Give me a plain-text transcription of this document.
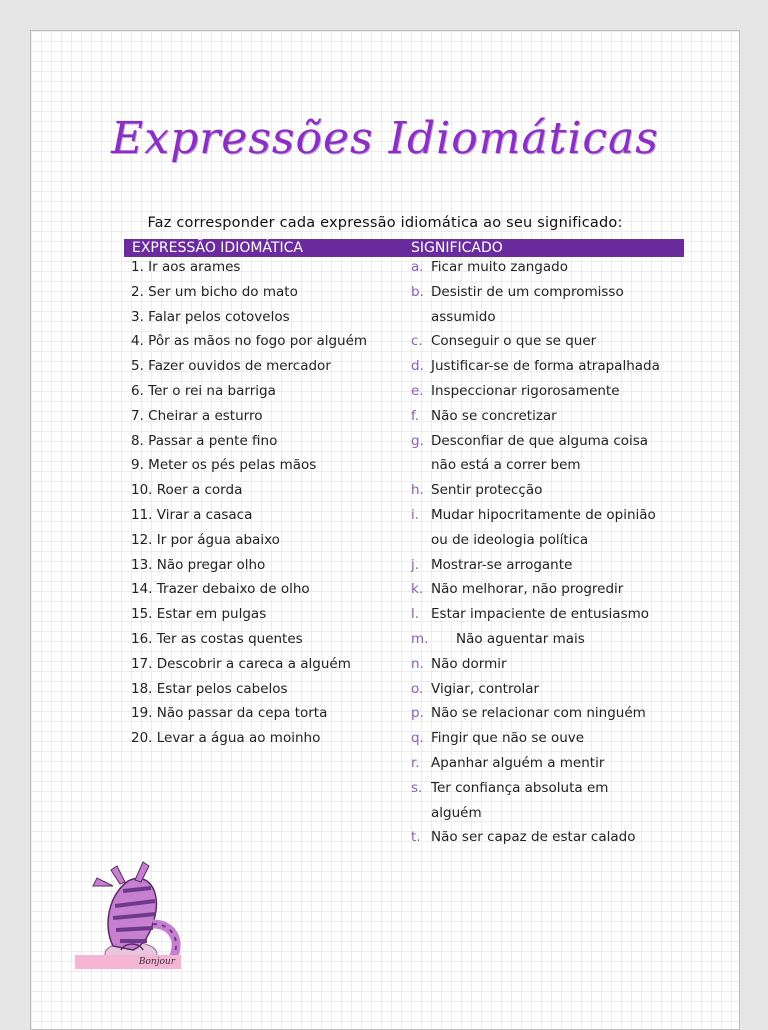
Expressões Idiomáticas
Faz corresponder cada expressão idiomática ao seu significado:
EXPRESSÃO IDIOMÁTICA	SIGNIFICADO
1. Ir aos arames
2. Ser um bicho do mato
3. Falar pelos cotovelos
4. Pôr as mãos no fogo por alguém
5. Fazer ouvidos de mercador
6. Ter o rei na barriga
7. Cheirar a esturro
8. Passar a pente fino
9. Meter os pés pelas mãos
10. Roer a corda
11. Virar a casaca
12. Ir por água abaixo
13. Não pregar olho
14. Trazer debaixo de olho
15. Estar em pulgas
16. Ter as costas quentes
17. Descobrir a careca a alguém
18. Estar pelos cabelos
19. Não passar da cepa torta
20. Levar a água ao moinho
a. Ficar muito zangado
b. Desistir de um compromisso
assumido
c. Conseguir o que se quer
d. Justificar-se de forma atrapalhada
e. Inspeccionar rigorosamente
f. Não se concretizar
g. Desconfiar de que alguma coisa
não está a correr bem
h. Sentir protecção
i. Mudar hipocritamente de opinião
ou de ideologia política
j. Mostrar-se arrogante
k. Não melhorar, não progredir
l. Estar impaciente de entusiasmo
m. Não aguentar mais
n. Não dormir
o. Vigiar, controlar
p. Não se relacionar com ninguém
q. Fingir que não se ouve
r. Apanhar alguém a mentir
s. Ter confiança absoluta em
alguém
t. Não ser capaz de estar calado
Bonjour
